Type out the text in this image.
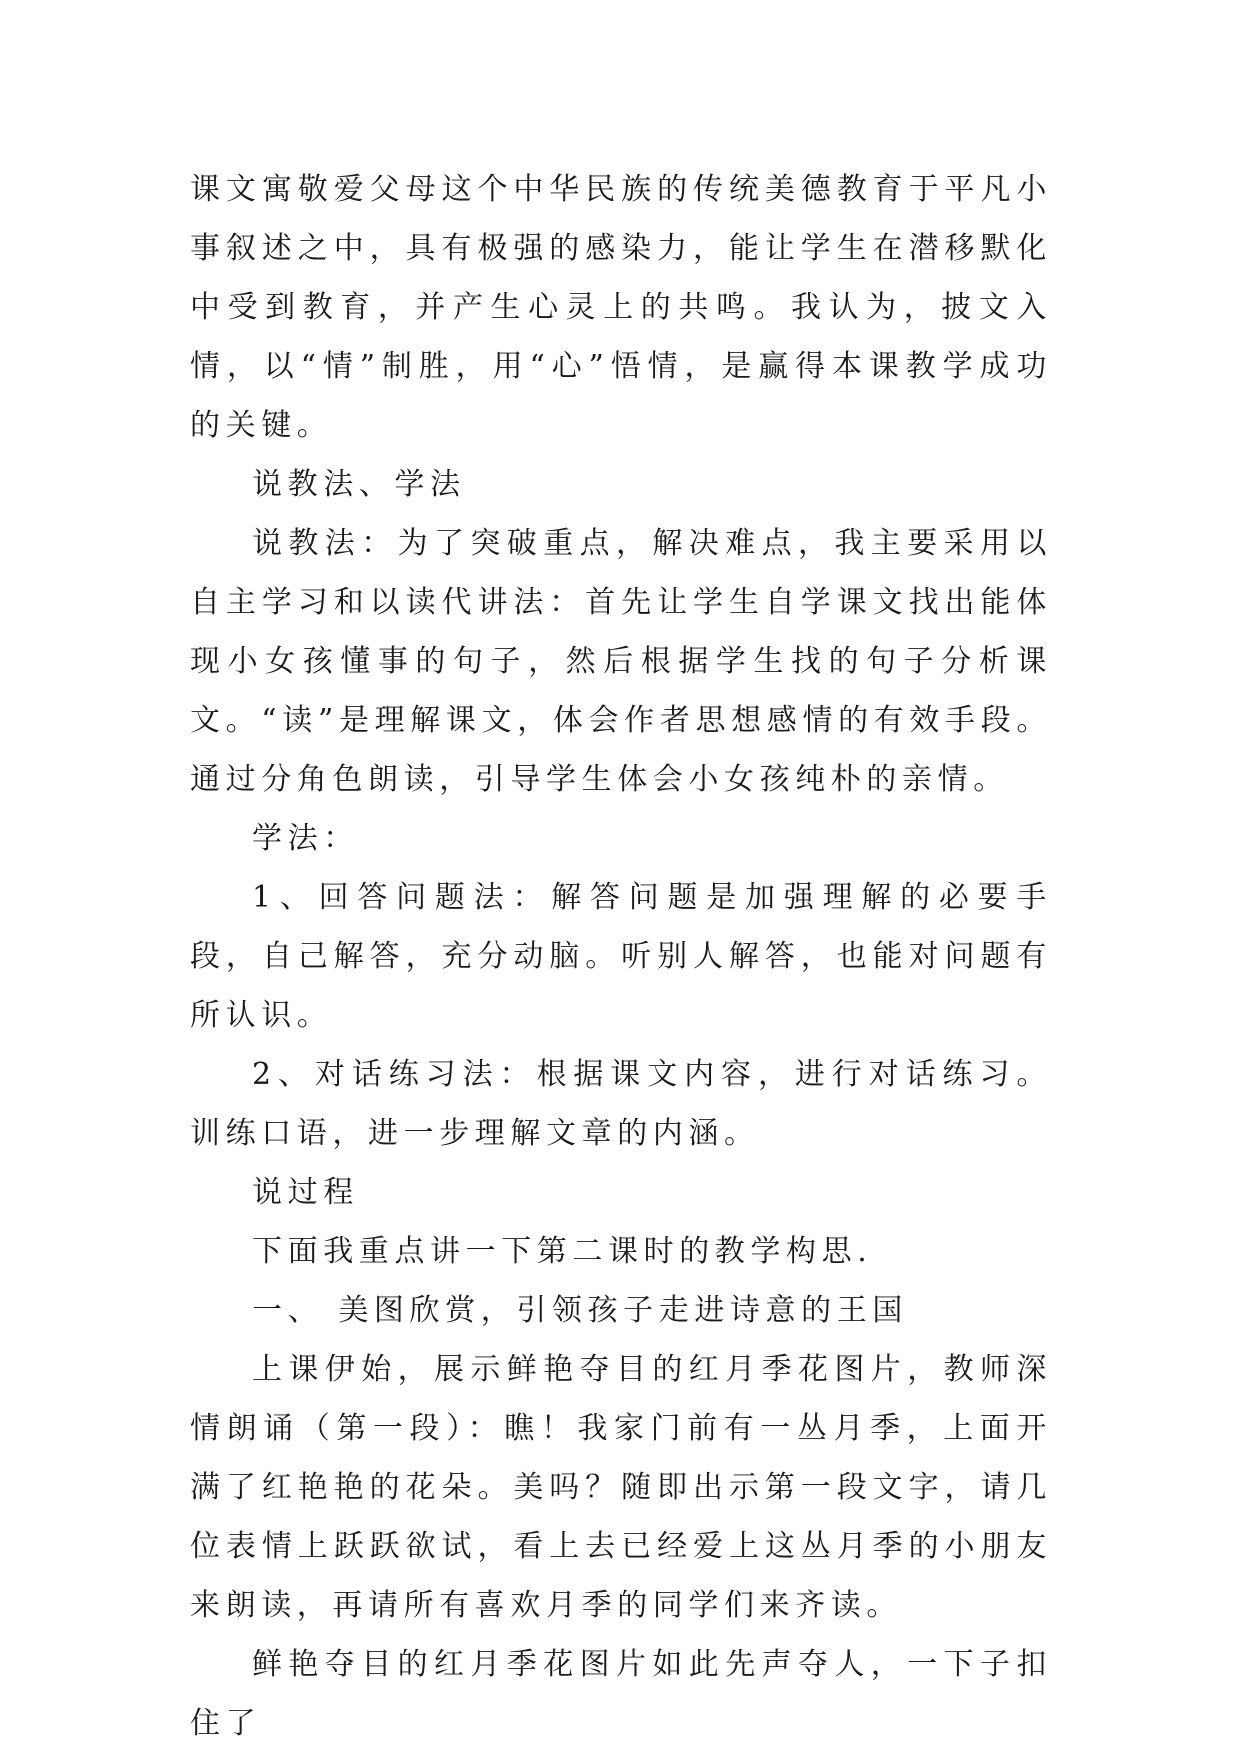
课文寓敬爱父母这个中华民族的传统美德教育于平凡小事叙述之中，具有极强的感染力，能让学生在潜移默化中受到教育，并产生心灵上的共鸣。我认为，披文入情，以“情”制胜，用“心”悟情，是赢得本课教学成功的关键。

说教法、学法

说教法：为了突破重点，解决难点，我主要采用以自主学习和以读代讲法：首先让学生自学课文找出能体现小女孩懂事的句子，然后根据学生找的句子分析课文。“读”是理解课文，体会作者思想感情的有效手段。通过分角色朗读，引导学生体会小女孩纯朴的亲情。

学法：

1、回答问题法：解答问题是加强理解的必要手段，自己解答，充分动脑。听别人解答，也能对问题有所认识。

2、对话练习法：根据课文内容，进行对话练习。训练口语，进一步理解文章的内涵。

说过程

下面我重点讲一下第二课时的教学构思.

一、 美图欣赏，引领孩子走进诗意的王国

上课伊始，展示鲜艳夺目的红月季花图片，教师深情朗诵（第一段）：瞧！我家门前有一丛月季，上面开满了红艳艳的花朵。美吗？随即出示第一段文字，请几位表情上跃跃欲试，看上去已经爱上这丛月季的小朋友来朗读，再请所有喜欢月季的同学们来齐读。

鲜艳夺目的红月季花图片如此先声夺人，一下子扣住了
